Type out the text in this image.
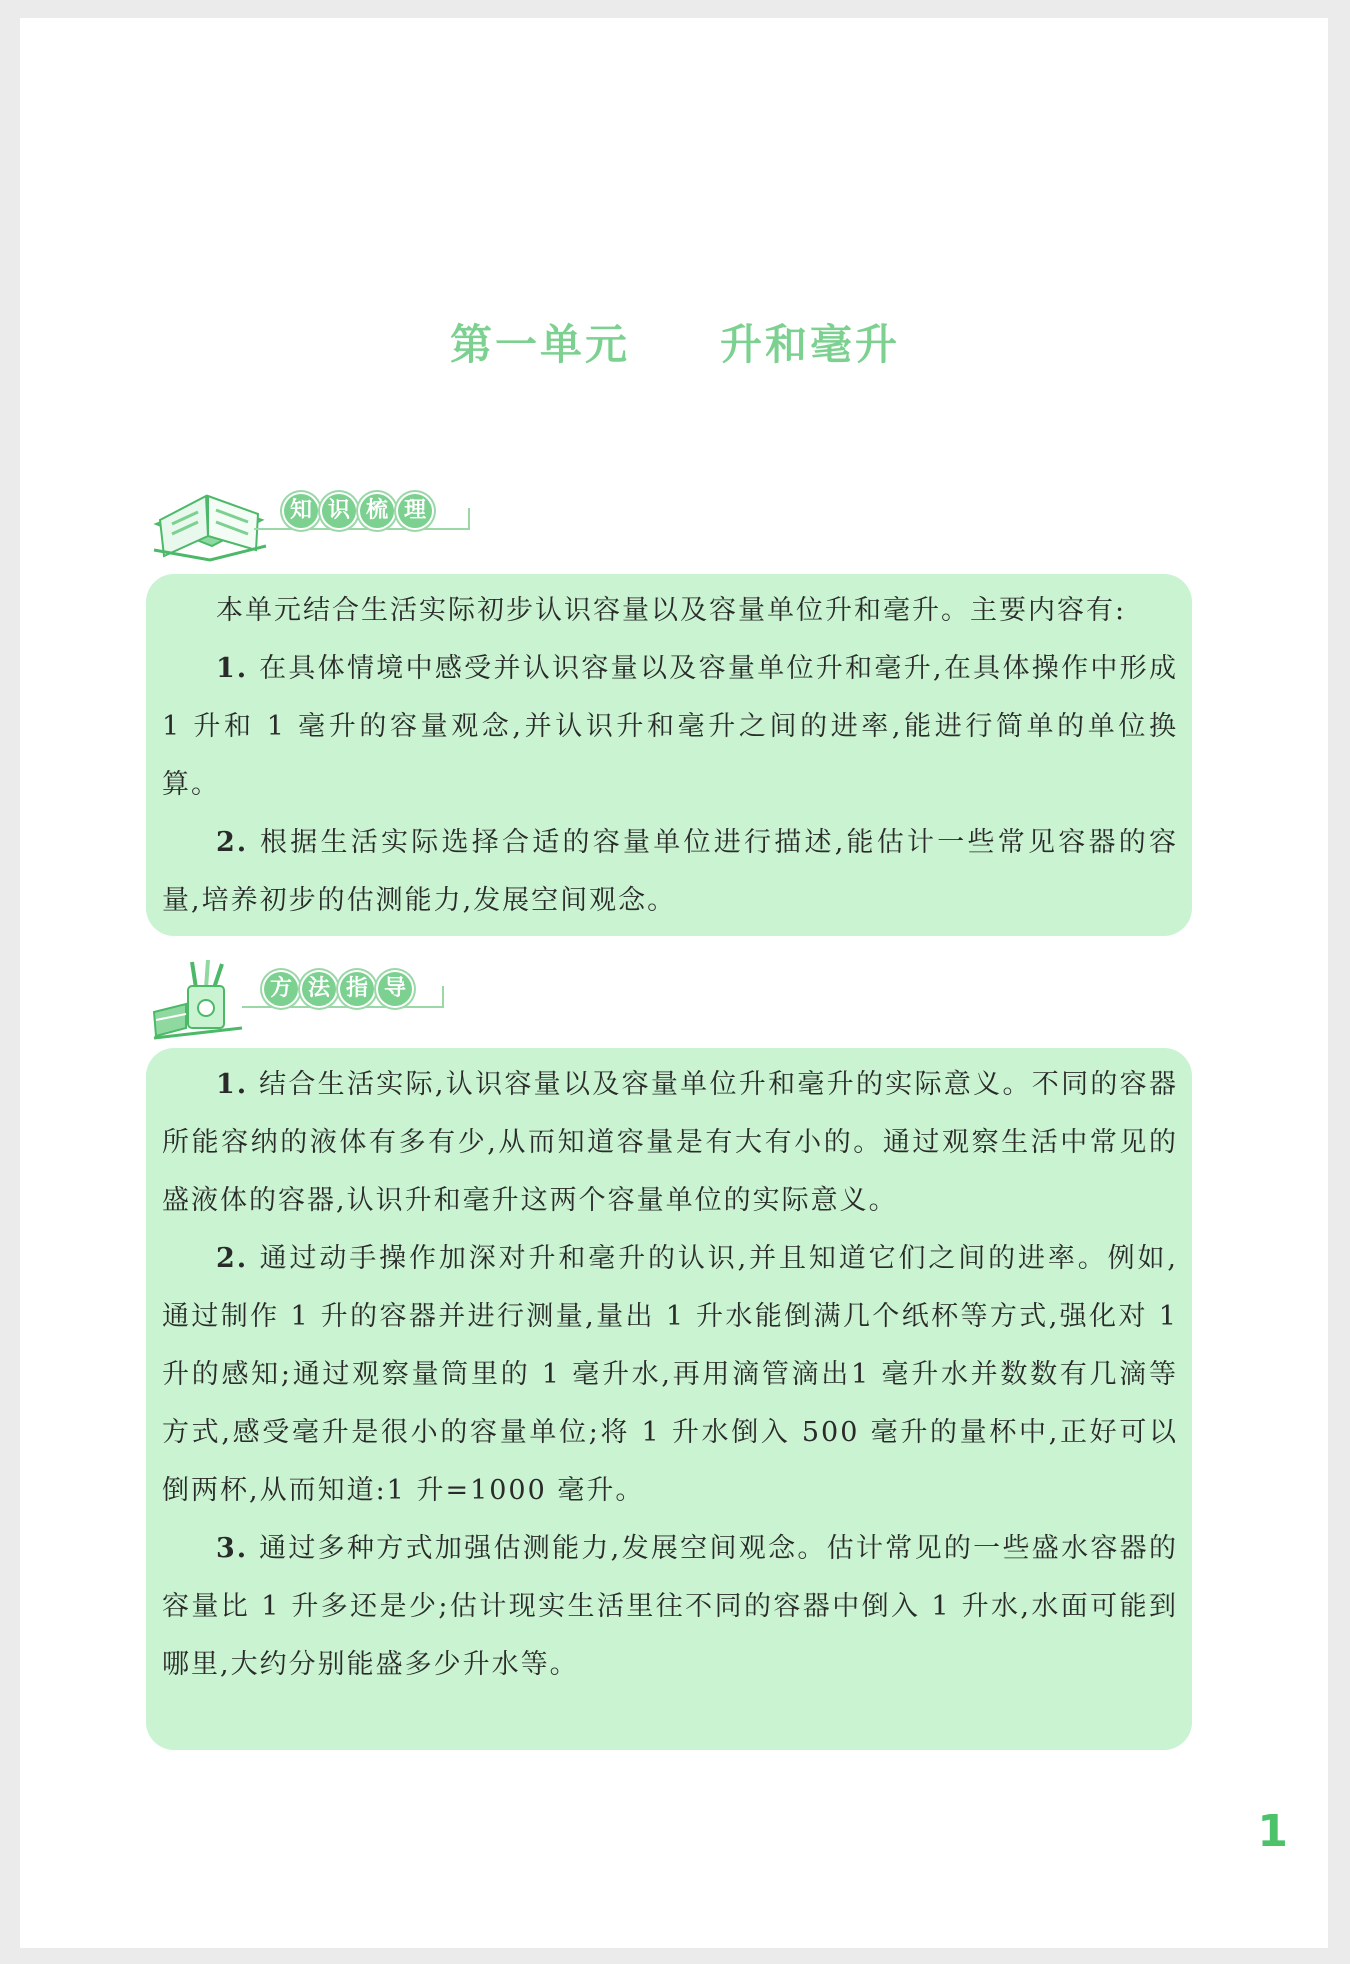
第一单元　　升和毫升
知 识 梳 理

本单元结合生活实际初步认识容量以及容量单位升和毫升。主要内容有:

1. 在具体情境中感受并认识容量以及容量单位升和毫升,在具体操作中形成 1 升和 1 毫升的容量观念,并认识升和毫升之间的进率,能进行简单的单位换算。

2. 根据生活实际选择合适的容量单位进行描述,能估计一些常见容器的容量,培养初步的估测能力,发展空间观念。

方 法 指 导

1. 结合生活实际,认识容量以及容量单位升和毫升的实际意义。不同的容器所能容纳的液体有多有少,从而知道容量是有大有小的。通过观察生活中常见的盛液体的容器,认识升和毫升这两个容量单位的实际意义。

2. 通过动手操作加深对升和毫升的认识,并且知道它们之间的进率。例如,通过制作 1 升的容器并进行测量,量出 1 升水能倒满几个纸杯等方式,强化对 1 升的感知;通过观察量筒里的 1 毫升水,再用滴管滴出1 毫升水并数数有几滴等方式,感受毫升是很小的容量单位;将 1 升水倒入 500 毫升的量杯中,正好可以倒两杯,从而知道:1 升=1000 毫升。

3. 通过多种方式加强估测能力,发展空间观念。估计常见的一些盛水容器的容量比 1 升多还是少;估计现实生活里往不同的容器中倒入 1 升水,水面可能到哪里,大约分别能盛多少升水等。

1
